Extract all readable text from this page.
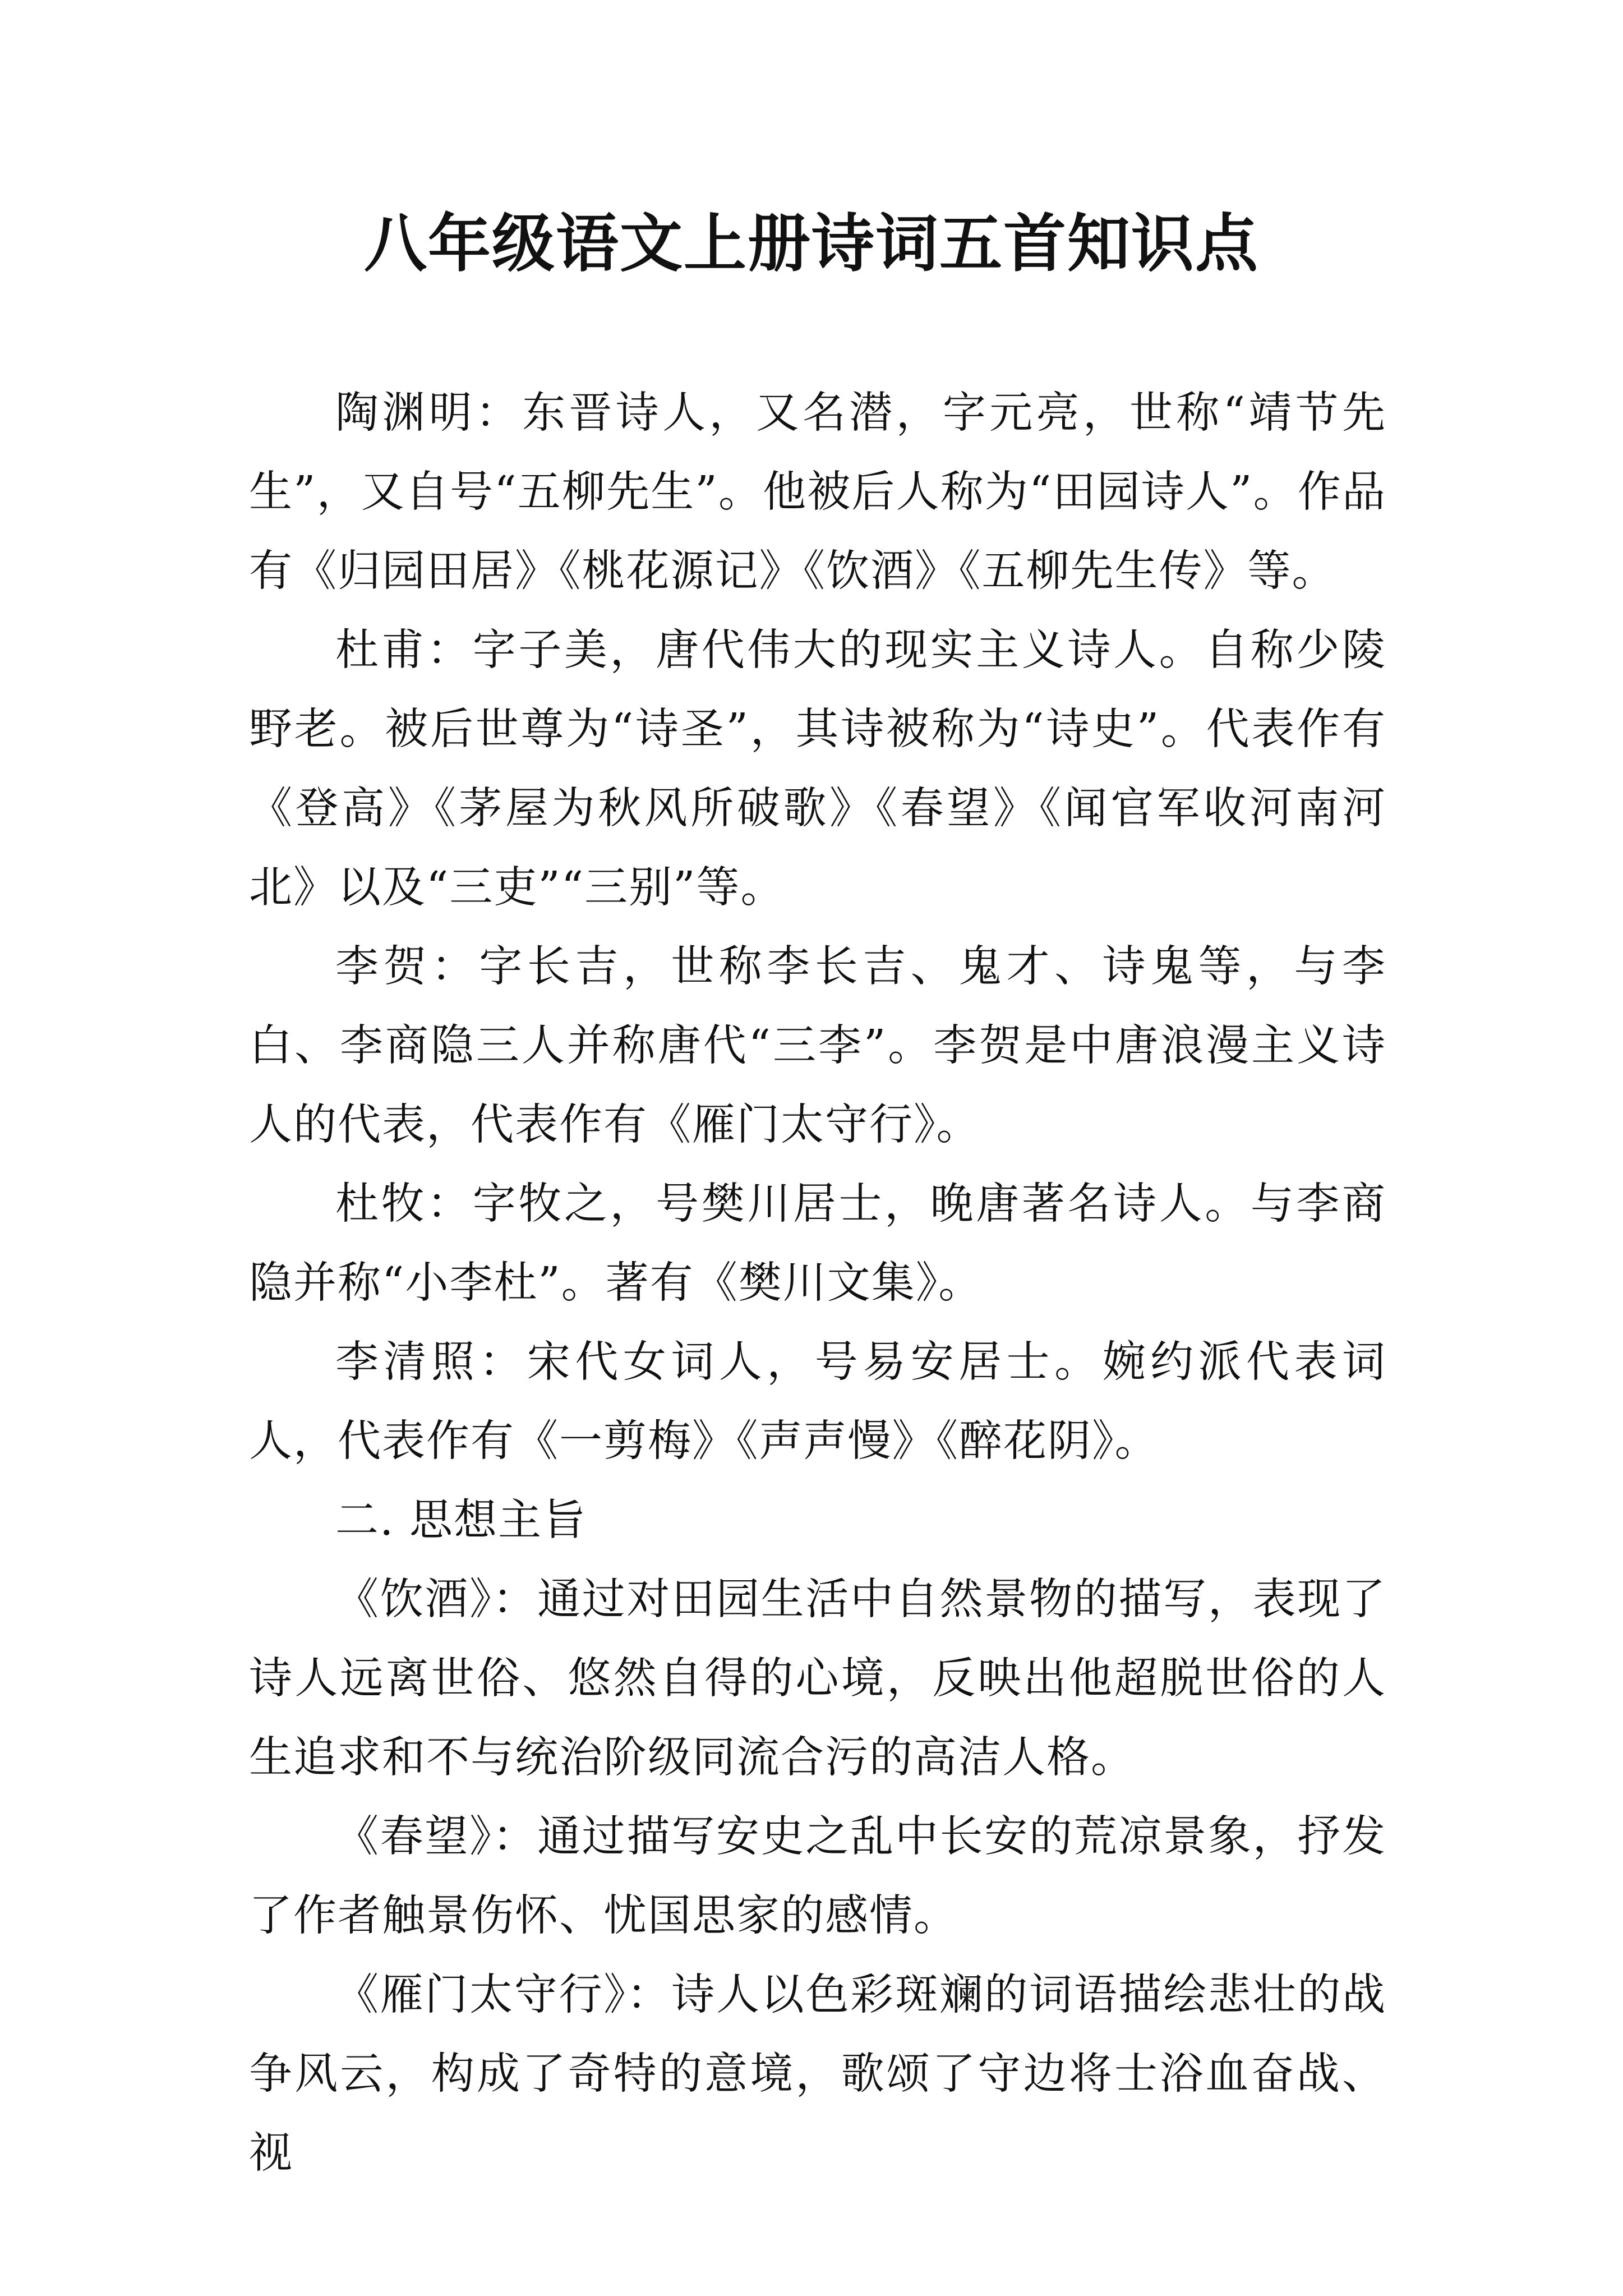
八年级语文上册诗词五首知识点

陶渊明：东晋诗人，又名潜，字元亮，世称“靖节先生”，又自号“五柳先生”。他被后人称为“田园诗人”。作品有《归园田居》《桃花源记》《饮酒》《五柳先生传》等。

杜甫：字子美，唐代伟大的现实主义诗人。自称少陵野老。被后世尊为“诗圣”，其诗被称为“诗史”。代表作有《登高》《茅屋为秋风所破歌》《春望》《闻官军收河南河北》以及“三吏”“三别”等。

李贺：字长吉，世称李长吉、鬼才、诗鬼等，与李白、李商隐三人并称唐代“三李”。李贺是中唐浪漫主义诗人的代表，代表作有《雁门太守行》。

杜牧：字牧之，号樊川居士，晚唐著名诗人。与李商隐并称“小李杜”。著有《樊川文集》。

李清照：宋代女词人，号易安居士。婉约派代表词人，代表作有《一剪梅》《声声慢》《醉花阴》。

二. 思想主旨

《饮酒》：通过对田园生活中自然景物的描写，表现了诗人远离世俗、悠然自得的心境，反映出他超脱世俗的人生追求和不与统治阶级同流合污的高洁人格。

《春望》：通过描写安史之乱中长安的荒凉景象，抒发了作者触景伤怀、忧国思家的感情。

《雁门太守行》：诗人以色彩斑斓的词语描绘悲壮的战争风云，构成了奇特的意境，歌颂了守边将士浴血奋战、视
